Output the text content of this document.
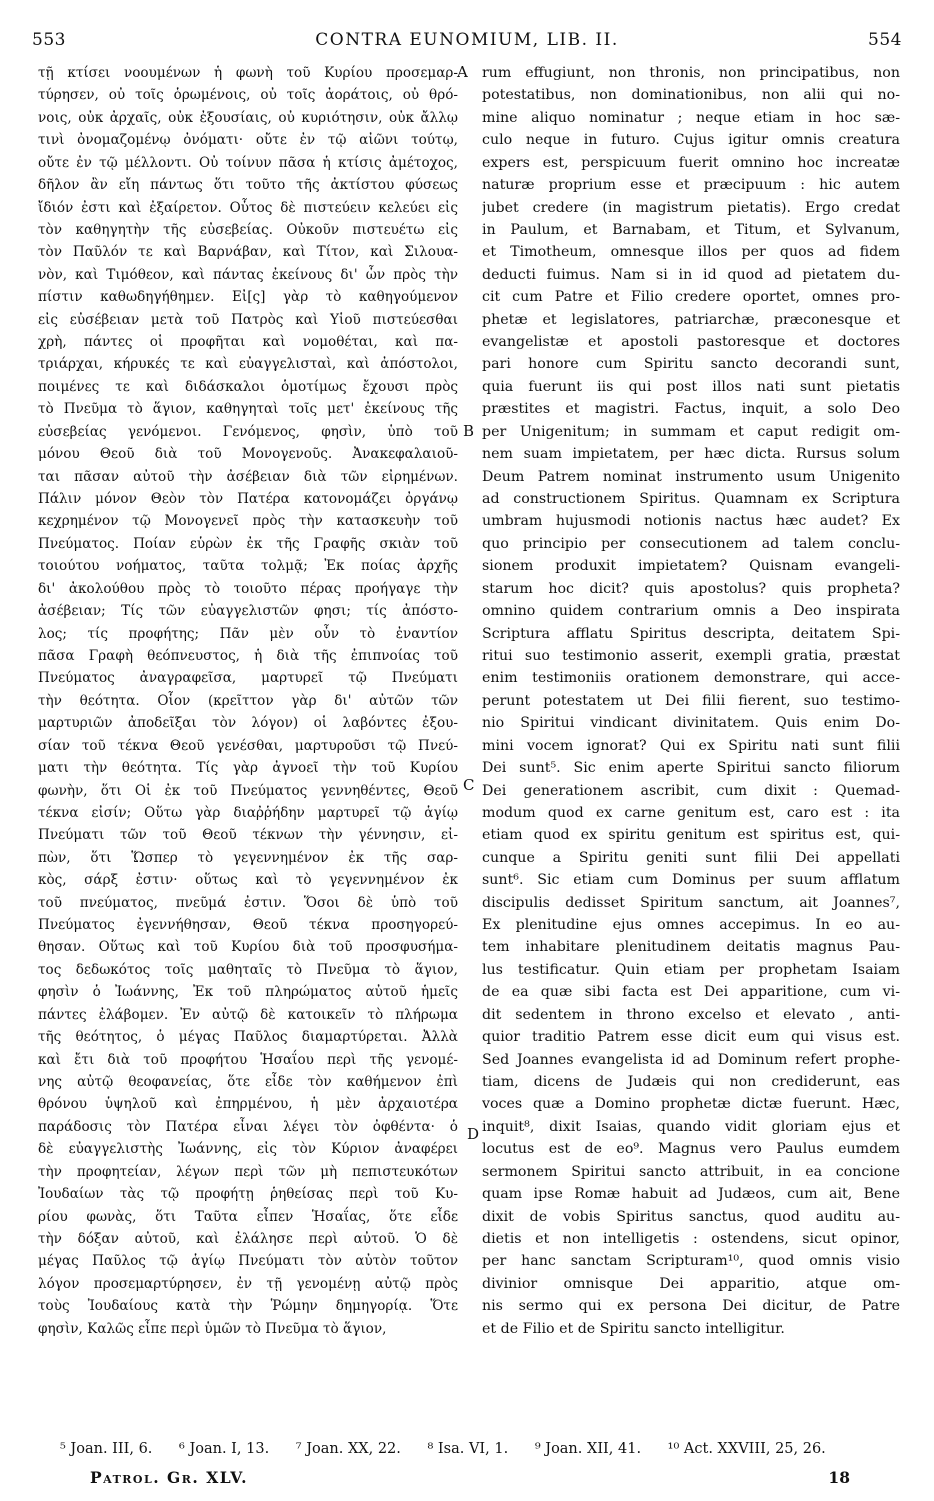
553	CONTRA EUNOMIUM, LIB. II.	554
τῇ κτίσει νοουμένων ἡ φωνὴ τοῦ Κυρίου προσεμαρ-
τύρησεν, οὐ τοῖς ὁρωμένοις, οὐ τοῖς ἀοράτοις, οὐ θρό-
νοις, οὐκ ἀρχαῖς, οὐκ ἐξουσίαις, οὐ κυριότησιν, οὐκ ἄλλῳ
τινὶ ὀνομαζομένῳ ὀνόματι· οὔτε ἐν τῷ αἰῶνι τούτῳ,
οὔτε ἐν τῷ μέλλοντι. Οὐ τοίνυν πᾶσα ἡ κτίσις ἀμέτοχος,
δῆλον ἂν εἴη πάντως ὅτι τοῦτο τῆς ἀκτίστου φύσεως
ἴδιόν ἐστι καὶ ἐξαίρετον. Οὗτος δὲ πιστεύειν κελεύει εἰς
τὸν καθηγητὴν τῆς εὐσεβείας. Οὐκοῦν πιστευέτω εἰς
τὸν Παῦλόν τε καὶ Βαρνάβαν, καὶ Τίτον, καὶ Σιλουα-
νὸν, καὶ Τιμόθεον, καὶ πάντας ἐκείνους δι' ὧν πρὸς τὴν
πίστιν καθωδηγήθημεν. Εἰ[ς] γὰρ τὸ καθηγούμενον
εἰς εὐσέβειαν μετὰ τοῦ Πατρὸς καὶ Υἱοῦ πιστεύεσθαι
χρὴ, πάντες οἱ προφῆται καὶ νομοθέται, καὶ πα-
τριάρχαι, κήρυκές τε καὶ εὐαγγελισταὶ, καὶ ἀπόστολοι,
ποιμένες τε καὶ διδάσκαλοι ὁμοτίμως ἔχουσι πρὸς
τὸ Πνεῦμα τὸ ἅγιον, καθηγηταὶ τοῖς μετ' ἐκείνους τῆς
εὐσεβείας γενόμενοι. Γενόμενος, φησὶν, ὑπὸ τοῦ
μόνου Θεοῦ διὰ τοῦ Μονογενοῦς. Ἀνακεφαλαιοῦ-
ται πᾶσαν αὐτοῦ τὴν ἀσέβειαν διὰ τῶν εἰρημένων.
Πάλιν μόνον Θεὸν τὸν Πατέρα κατονομάζει ὀργάνῳ
κεχρημένον τῷ Μονογενεῖ πρὸς τὴν κατασκευὴν τοῦ
Πνεύματος. Ποίαν εὑρὼν ἐκ τῆς Γραφῆς σκιὰν τοῦ
τοιούτου νοήματος, ταῦτα τολμᾷ; Ἐκ ποίας ἀρχῆς
δι' ἀκολούθου πρὸς τὸ τοιοῦτο πέρας προήγαγε τὴν
ἀσέβειαν; Τίς τῶν εὐαγγελιστῶν φησι; τίς ἀπόστο-
λος; τίς προφήτης; Πᾶν μὲν οὖν τὸ ἐναντίον
πᾶσα Γραφὴ θεόπνευστος, ἡ διὰ τῆς ἐπιπνοίας τοῦ
Πνεύματος ἀναγραφεῖσα, μαρτυρεῖ τῷ Πνεύματι
τὴν θεότητα. Οἷον (κρεῖττον γὰρ δι' αὐτῶν τῶν
μαρτυριῶν ἀποδεῖξαι τὸν λόγον) οἱ λαβόντες ἐξου-
σίαν τοῦ τέκνα Θεοῦ γενέσθαι, μαρτυροῦσι τῷ Πνεύ-
ματι τὴν θεότητα. Τίς γὰρ ἀγνοεῖ τὴν τοῦ Κυρίου
φωνὴν, ὅτι Οἱ ἐκ τοῦ Πνεύματος γεννηθέντες, Θεοῦ
τέκνα εἰσίν; Οὕτω γὰρ διαῤῥήδην μαρτυρεῖ τῷ ἁγίῳ
Πνεύματι τῶν τοῦ Θεοῦ τέκνων τὴν γέννησιν, εἰ-
πὼν, ὅτι Ὥσπερ τὸ γεγεννημένον ἐκ τῆς σαρ-
κὸς, σάρξ ἐστιν· οὕτως καὶ τὸ γεγεννημένον ἐκ
τοῦ πνεύματος, πνεῦμά ἐστιν. Ὅσοι δὲ ὑπὸ τοῦ
Πνεύματος ἐγεννήθησαν, Θεοῦ τέκνα προσηγορεύ-
θησαν. Οὕτως καὶ τοῦ Κυρίου διὰ τοῦ προσφυσήμα-
τος δεδωκότος τοῖς μαθηταῖς τὸ Πνεῦμα τὸ ἅγιον,
φησὶν ὁ Ἰωάννης, Ἐκ τοῦ πληρώματος αὐτοῦ ἡμεῖς
πάντες ἐλάβομεν. Ἐν αὐτῷ δὲ κατοικεῖν τὸ πλήρωμα
τῆς θεότητος, ὁ μέγας Παῦλος διαμαρτύρεται. Ἀλλὰ
καὶ ἔτι διὰ τοῦ προφήτου Ἡσαΐου περὶ τῆς γενομέ-
νης αὐτῷ θεοφανείας, ὅτε εἶδε τὸν καθήμενον ἐπὶ
θρόνου ὑψηλοῦ καὶ ἐπηρμένου, ἡ μὲν ἀρχαιοτέρα
παράδοσις τὸν Πατέρα εἶναι λέγει τὸν ὀφθέντα· ὁ
δὲ εὐαγγελιστὴς Ἰωάννης, εἰς τὸν Κύριον ἀναφέρει
τὴν προφητείαν, λέγων περὶ τῶν μὴ πεπιστευκότων
Ἰουδαίων τὰς τῷ προφήτῃ ῥηθείσας περὶ τοῦ Κυ-
ρίου φωνὰς, ὅτι Ταῦτα εἶπεν Ἡσαΐας, ὅτε εἶδε
τὴν δόξαν αὐτοῦ, καὶ ἐλάλησε περὶ αὐτοῦ. Ὁ δὲ
μέγας Παῦλος τῷ ἁγίῳ Πνεύματι τὸν αὐτὸν τοῦτον
λόγον προσεμαρτύρησεν, ἐν τῇ γενομένῃ αὐτῷ πρὸς
τοὺς Ἰουδαίους κατὰ τὴν Ῥώμην δημηγορίᾳ. Ὅτε
φησὶν, Καλῶς εἶπε περὶ ὑμῶν τὸ Πνεῦμα τὸ ἅγιον,
rum effugiunt, non thronis, non principatibus, non
potestatibus, non dominationibus, non alii qui no-
mine aliquo nominatur ; neque etiam in hoc sæ-
culo neque in futuro. Cujus igitur omnis creatura
expers est, perspicuum fuerit omnino hoc increatæ
naturæ proprium esse et præcipuum : hic autem
jubet credere (in magistrum pietatis). Ergo credat
in Paulum, et Barnabam, et Titum, et Sylvanum,
et Timotheum, omnesque illos per quos ad fidem
deducti fuimus. Nam si in id quod ad pietatem du-
cit cum Patre et Filio credere oportet, omnes pro-
phetæ et legislatores, patriarchæ, præconesque et
evangelistæ et apostoli pastoresque et doctores
pari honore cum Spiritu sancto decorandi sunt,
quia fuerunt iis qui post illos nati sunt pietatis
præstites et magistri. Factus, inquit, a solo Deo
per Unigenitum; in summam et caput redigit om-
nem suam impietatem, per hæc dicta. Rursus solum
Deum Patrem nominat instrumento usum Unigenito
ad constructionem Spiritus. Quamnam ex Scriptura
umbram hujusmodi notionis nactus hæc audet? Ex
quo principio per consecutionem ad talem conclu-
sionem produxit impietatem? Quisnam evangeli-
starum hoc dicit? quis apostolus? quis propheta?
omnino quidem contrarium omnis a Deo inspirata
Scriptura afflatu Spiritus descripta, deitatem Spi-
ritui suo testimonio asserit, exempli gratia, præstat
enim testimoniis orationem demonstrare, qui acce-
perunt potestatem ut Dei filii fierent, suo testimo-
nio Spiritui vindicant divinitatem. Quis enim Do-
mini vocem ignorat? Qui ex Spiritu nati sunt filii
Dei sunt⁵. Sic enim aperte Spiritui sancto filiorum
Dei generationem ascribit, cum dixit : Quemad-
modum quod ex carne genitum est, caro est : ita
etiam quod ex spiritu genitum est spiritus est, qui-
cunque a Spiritu geniti sunt filii Dei appellati
sunt⁶. Sic etiam cum Dominus per suum afflatum
discipulis dedisset Spiritum sanctum, ait Joannes⁷,
Ex plenitudine ejus omnes accepimus. In eo au-
tem inhabitare plenitudinem deitatis magnus Pau-
lus testificatur. Quin etiam per prophetam Isaiam
de ea quæ sibi facta est Dei apparitione, cum vi-
dit sedentem in throno excelso et elevato , anti-
quior traditio Patrem esse dicit eum qui visus est.
Sed Joannes evangelista id ad Dominum refert prophe-
tiam, dicens de Judæis qui non crediderunt, eas
voces quæ a Domino prophetæ dictæ fuerunt. Hæc,
inquit⁸, dixit Isaias, quando vidit gloriam ejus et
locutus est de eo⁹. Magnus vero Paulus eumdem
sermonem Spiritui sancto attribuit, in ea concione
quam ipse Romæ habuit ad Judæos, cum ait, Bene
dixit de vobis Spiritus sanctus, quod auditu au-
dietis et non intelligetis : ostendens, sicut opinor,
per hanc sanctam Scripturam¹⁰, quod omnis visio
divinior omnisque Dei apparitio, atque om-
nis sermo qui ex persona Dei dicitur, de Patre
et de Filio et de Spiritu sancto intelligitur.
A
B
C
D
⁵ Joan. III, 6. ⁶ Joan. I, 13. ⁷ Joan. XX, 22. ⁸ Isa. VI, 1. ⁹ Joan. XII, 41. ¹⁰ Act. XXVIII, 25, 26.
Patrol. Gr. XLV.	18
